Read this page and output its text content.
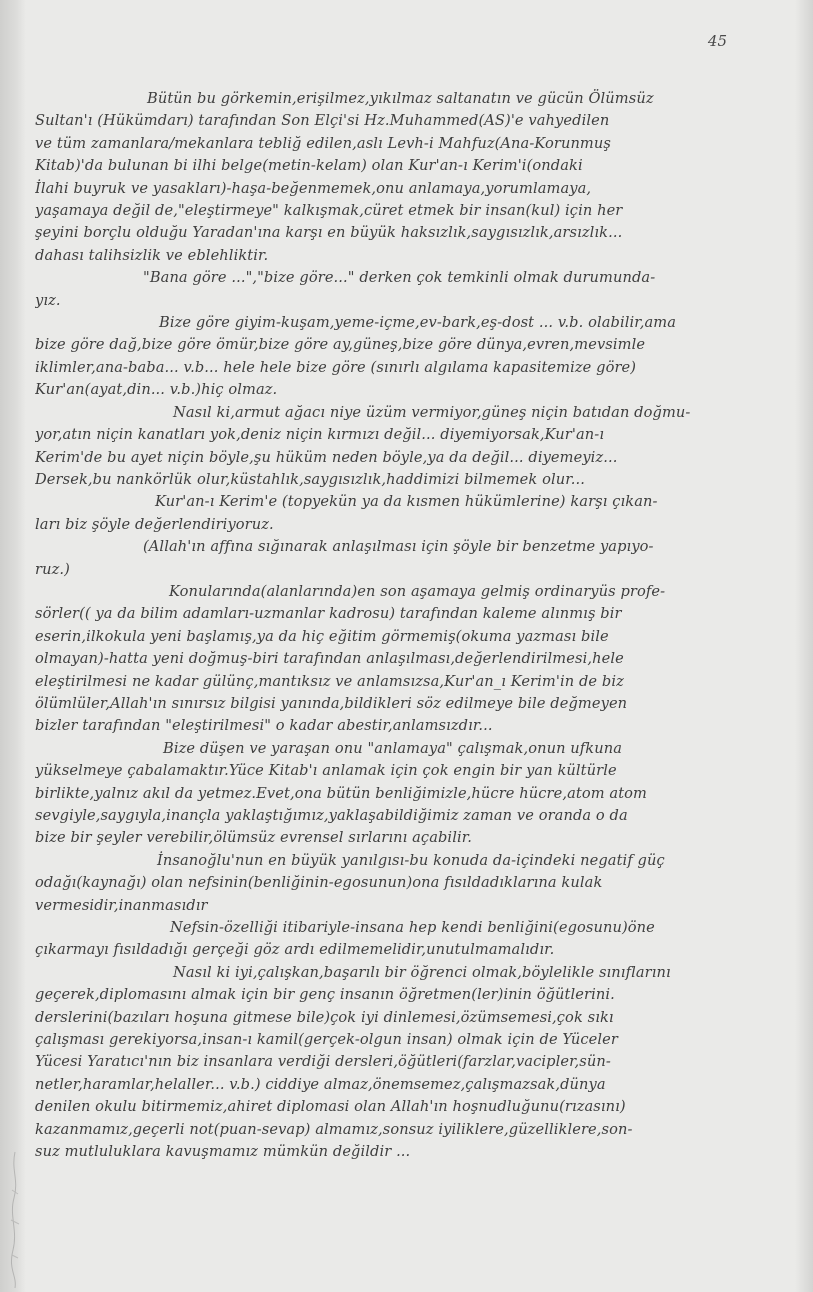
45
Bütün bu görkemin,erişilmez,yıkılmaz saltanatın ve gücün Ölümsüz
Sultan'ı (Hükümdarı) tarafından Son Elçi'si Hz.Muhammed(AS)'e vahyedilen
ve tüm zamanlara/mekanlara tebliğ edilen,aslı Levh-i Mahfuz(Ana-Korunmuş
Kitab)'da bulunan bi ilhi belge(metin-kelam) olan Kur'an-ı Kerim'i(ondaki
İlahi buyruk ve yasakları)-haşa-beğenmemek,onu anlamaya,yorumlamaya,
yaşamaya değil de,"eleştirmeye" kalkışmak,cüret etmek bir insan(kul) için her
şeyini borçlu olduğu Yaradan'ına karşı en büyük haksızlık,saygısızlık,arsızlık...
dahası talihsizlik ve eblehliktir.
"Bana göre ...","bize göre..." derken çok temkinli olmak durumunda-
yız.
Bize göre giyim-kuşam,yeme-içme,ev-bark,eş-dost ... v.b. olabilir,ama
bize göre dağ,bize göre ömür,bize göre ay,güneş,bize göre dünya,evren,mevsimle
iklimler,ana-baba... v.b... hele hele bize göre (sınırlı algılama kapasitemize göre)
Kur'an(ayat,din... v.b.)hiç olmaz.
Nasıl ki,armut ağacı niye üzüm vermiyor,güneş niçin batıdan doğmu-
yor,atın niçin kanatları yok,deniz niçin kırmızı değil... diyemiyorsak,Kur'an-ı
Kerim'de bu ayet niçin böyle,şu hüküm neden böyle,ya da değil... diyemeyiz...
Dersek,bu nankörlük olur,küstahlık,saygısızlık,haddimizi bilmemek olur...
Kur'an-ı Kerim'e (topyekün ya da kısmen hükümlerine) karşı çıkan-
ları biz şöyle değerlendiriyoruz.
(Allah'ın affına sığınarak anlaşılması için şöyle bir benzetme yapıyo-
ruz.)
Konularında(alanlarında)en son aşamaya gelmiş ordinaryüs profe-
sörler(( ya da bilim adamları-uzmanlar kadrosu) tarafından kaleme alınmış bir
eserin,ilkokula yeni başlamış,ya da hiç eğitim görmemiş(okuma yazması bile
olmayan)-hatta yeni doğmuş-biri tarafından anlaşılması,değerlendirilmesi,hele
eleştirilmesi ne kadar gülünç,mantıksız ve anlamsızsa,Kur'an_ı Kerim'in de biz
ölümlüler,Allah'ın sınırsız bilgisi yanında,bildikleri söz edilmeye bile değmeyen
bizler tarafından "eleştirilmesi" o kadar abestir,anlamsızdır...
Bize düşen ve yaraşan onu "anlamaya" çalışmak,onun ufkuna
yükselmeye çabalamaktır.Yüce Kitab'ı anlamak için çok engin bir yan kültürle
birlikte,yalnız akıl da yetmez.Evet,ona bütün benliğimizle,hücre hücre,atom atom
sevgiyle,saygıyla,inançla yaklaştığımız,yaklaşabildiğimiz zaman ve oranda o da
bize bir şeyler verebilir,ölümsüz evrensel sırlarını açabilir.
İnsanoğlu'nun en büyük yanılgısı-bu konuda da-içindeki negatif güç
odağı(kaynağı) olan nefsinin(benliğinin-egosunun)ona fısıldadıklarına kulak
vermesidir,inanmasıdır
Nefsin-özelliği itibariyle-insana hep kendi benliğini(egosunu)öne
çıkarmayı fısıldadığı gerçeği göz ardı edilmemelidir,unutulmamalıdır.
Nasıl ki iyi,çalışkan,başarılı bir öğrenci olmak,böylelikle sınıflarını
geçerek,diplomasını almak için bir genç insanın öğretmen(ler)inin öğütlerini.
derslerini(bazıları hoşuna gitmese bile)çok iyi dinlemesi,özümsemesi,çok sıkı
çalışması gerekiyorsa,insan-ı kamil(gerçek-olgun insan) olmak için de Yüceler
Yücesi Yaratıcı'nın biz insanlara verdiği dersleri,öğütleri(farzlar,vacipler,sün-
netler,haramlar,helaller... v.b.) ciddiye almaz,önemsemez,çalışmazsak,dünya
denilen okulu bitirmemiz,ahiret diplomasi olan Allah'ın hoşnudluğunu(rızasını)
kazanmamız,geçerli not(puan-sevap) almamız,sonsuz iyiliklere,güzelliklere,son-
suz mutluluklara kavuşmamız mümkün değildir ...
